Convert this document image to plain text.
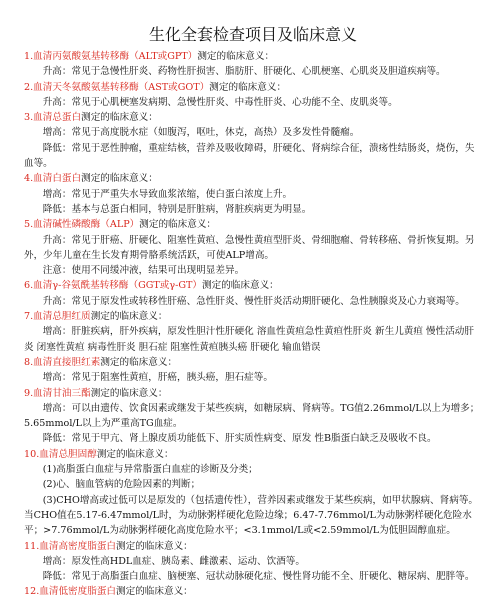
生化全套检查项目及临床意义
1.血清丙氨酸氨基转移酶（ALT或GPT）测定的临床意义：
升高：常见于急慢性肝炎、药物性肝损害、脂肪肝、肝硬化、心肌梗塞、心肌炎及胆道疾病等。
2.血清天冬氨酸氨基转移酶（AST或GOT）测定的临床意义：
升高：常见于心肌梗塞发病期、急慢性肝炎、中毒性肝炎、心功能不全、皮肌炎等。
3.血清总蛋白测定的临床意义：
增高：常见于高度脱水症（如腹泻，呕吐，休克，高热）及多发性骨髓瘤。
降低：常见于恶性肿瘤，重症结核，营养及吸收障碍，肝硬化、肾病综合征，溃疡性结肠炎，烧伤，失血等。
4.血清白蛋白测定的临床意义：
增高：常见于严重失水导致血浆浓缩，使白蛋白浓度上升。
降低：基本与总蛋白相同，特别是肝脏病，肾脏疾病更为明显。
5.血清碱性磷酸酶（ALP）测定的临床意义：
升高：常见于肝癌、肝硬化、阻塞性黄疸、急慢性黄疸型肝炎、骨细胞瘤、骨转移癌、骨折恢复期。另外，少年儿童在生长发育期骨胳系统活跃，可使ALP增高。
注意：使用不同缓冲液，结果可出现明显差异。
6.血清γ-谷氨酰基转移酶（GGT或γ-GT）测定的临床意义：
升高：常见于原发性或转移性肝癌、急性肝炎、慢性肝炎活动期肝硬化、急性胰腺炎及心力衰竭等。
7.血清总胆红质测定的临床意义：
增高：肝脏疾病，肝外疾病，原发性胆汁性肝硬化 溶血性黄疸急性黄疸性肝炎 新生儿黄疸 慢性活动肝炎 闭塞性黄疸 病毒性肝炎 胆石症 阻塞性黄疸胰头癌 肝硬化 输血错误
8.血清直接胆红素测定的临床意义：
增高：常见于阻塞性黄疸，肝癌，胰头癌，胆石症等。
9.血清甘油三酯测定的临床意义：
增高：可以由遗传、饮食因素或继发于某些疾病，如糖尿病、肾病等。TG值2.26mmol/L以上为增多；5.65mmol/L以上为严重高TG血症。
降低：常见于甲亢、肾上腺皮质功能低下、肝实质性病变、原发 性B脂蛋白缺乏及吸收不良。
10.血清总胆固醇测定的临床意义：
(1)高脂蛋白血症与异常脂蛋白血症的诊断及分类；
(2)心、脑血管病的危险因素的判断；
(3)CHO增高或过低可以是原发的（包括遗传性），营养因素或继发于某些疾病，如甲状腺病、肾病等。当CHO值在5.17-6.47mmol/L时，为动脉粥样硬化危险边缘；6.47-7.76mmol/L为动脉粥样硬化危险水平；>7.76mmol/L为动脉粥样硬化高度危险水平；<3.1mmol/L或<2.59mmol/L为低胆固醇血症。
11.血清高密度脂蛋白测定的临床意义：
增高：原发性高HDL血症、胰岛素、雌激素、运动、饮酒等。
降低：常见于高脂蛋白血症、脑梗塞、冠状动脉硬化症、慢性肾功能不全、肝硬化、糖尿病、肥胖等。
12.血清低密度脂蛋白测定的临床意义：
